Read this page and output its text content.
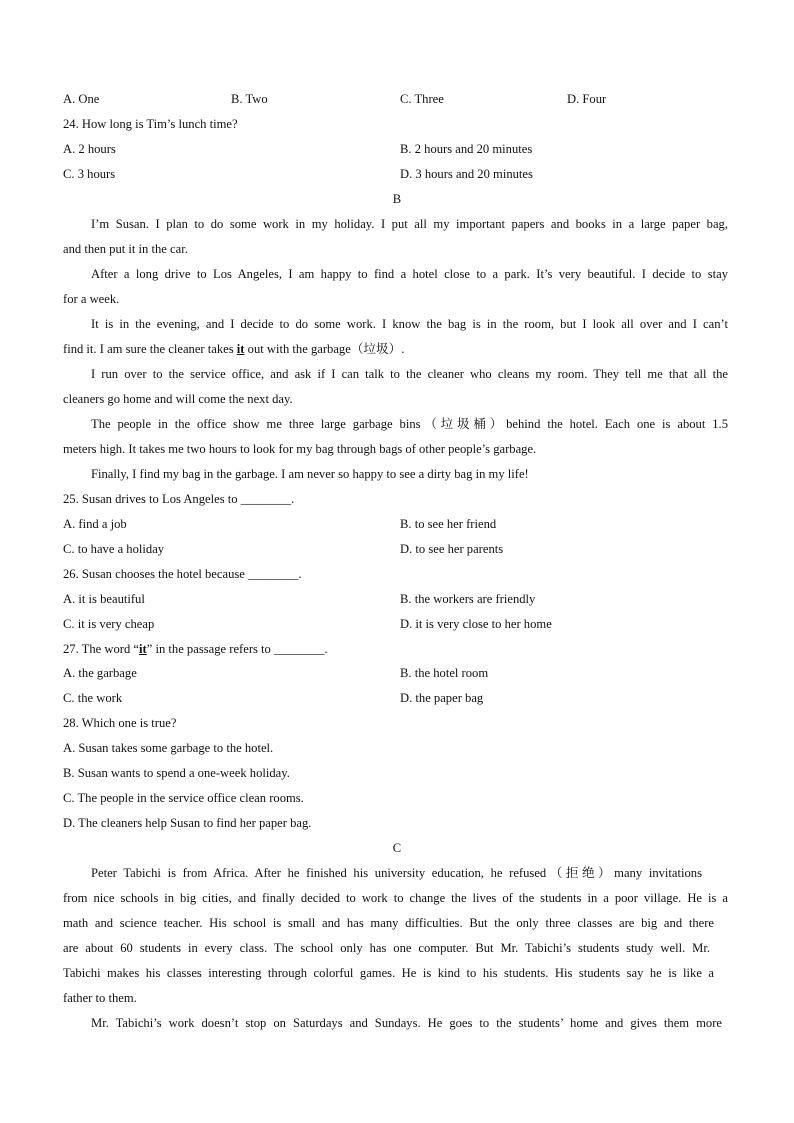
A. One	B. Two	C. Three	D. Four
24. How long is Tim’s lunch time?
A. 2 hours	B. 2 hours and 20 minutes
C. 3 hours	D. 3 hours and 20 minutes
B
I’m Susan. I plan to do some work in my holiday. I put all my important papers and books in a large paper bag,
and then put it in the car.
After a long drive to Los Angeles, I am happy to find a hotel close to a park. It’s very beautiful. I decide to stay
for a week.
It is in the evening, and I decide to do some work. I know the bag is in the room, but I look all over and I can’t
find it. I am sure the cleaner takes it out with the garbage（垃圾）.
I run over to the service office, and ask if I can talk to the cleaner who cleans my room. They tell me that all the
cleaners go home and will come the next day.
The people in the office show me three large garbage bins（垃圾桶）behind the hotel. Each one is about 1.5
meters high. It takes me two hours to look for my bag through bags of other people’s garbage.
Finally, I find my bag in the garbage. I am never so happy to see a dirty bag in my life!
25. Susan drives to Los Angeles to ________.
A. find a job	B. to see her friend
C. to have a holiday	D. to see her parents
26. Susan chooses the hotel because ________.
A. it is beautiful	B. the workers are friendly
C. it is very cheap	D. it is very close to her home
27. The word “it” in the passage refers to ________.
A. the garbage	B. the hotel room
C. the work	D. the paper bag
28. Which one is true?
A. Susan takes some garbage to the hotel.
B. Susan wants to spend a one-week holiday.
C. The people in the service office clean rooms.
D. The cleaners help Susan to find her paper bag.
C
Peter Tabichi is from Africa. After he finished his university education, he refused（拒绝）many invitations
from nice schools in big cities, and finally decided to work to change the lives of the students in a poor village. He is a
math and science teacher. His school is small and has many difficulties. But the only three classes are big and there
are about 60 students in every class. The school only has one computer. But Mr. Tabichi’s students study well. Mr.
Tabichi makes his classes interesting through colorful games. He is kind to his students. His students say he is like a
father to them.
Mr. Tabichi’s work doesn’t stop on Saturdays and Sundays. He goes to the students’ home and gives them more
